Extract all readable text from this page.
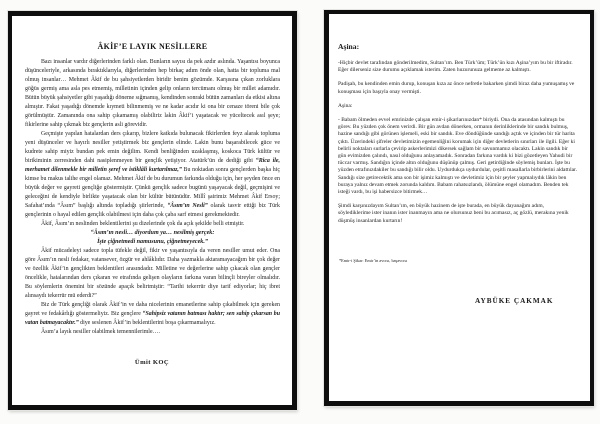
ÂKİF’E LAYIK NESİLLERE

Bazı insanlar vardır diğerlerinden farklı olan. Bunların sayısı da pek azdır aslında. Yaşantısı boyunca düşünceleriyle, arkasında bıraktıklarıyla, diğerlerinden hep birkaç adım önde olan, hatta bir topluma mal olmuş insanlar… Mehmet Âkif de bu şahsiyetlerden biridir benim gözümde. Karşısına çıkan zorluklara göğüs germiş ama asla pes etmemiş, milletinin içinden gelip onların tercümanı olmuş bir millet adamıdır. Bütün büyük şahsiyetler gibi yaşadığı döneme sığmamış, kendinden sonraki bütün zamanları da etkisi altına almıştır. Fakat yaşadığı dönemde kıymeti bilinmemiş ve ne kadar acıdır ki ona bir cenaze töreni bile çok görülmüştür. Zamanında ona sahip çıkamamış olabiliriz lakin Âkif’i yaşatacak ve yüceltecek asıl şeye; fikirlerine sahip çıkmak biz gençlerin asli görevidir.

Geçmişte yapılan hatalardan ders çıkarıp, bizlere katkıda bulunacak fikirlerden feyz alarak topluma yeni düşünceler ve hayırlı nesiller yetiştirmek biz gençlerin elinde. Lakin bunu başarabilecek güce ve kudrete sahip miyiz bundan pek emin değilim. Kendi benliğinden uzaklaşmış, koskoca Türk kültür ve birikiminin zerresinden dahi nasiplenmeyen bir gençlik yetişiyor. Atatürk’ün de dediği gibi “Rica ile, merhamet dilenmekle bir milletin şeref ve istiklâli kurtarılmaz,” Bu noktadan sonra gençlerden başka hiç kimse bu makus talihe engel olamaz. Mehmet Âkif de bu durumun farkında olduğu için, her şeyden önce en büyük değer ve gayreti gençliğe göstermiştir. Çünkü gençlik sadece bugünü yaşayacak değil, geçmişini ve geleceğini de kendiyle birlikte yaşatacak olan bir kültür bütünüdür. Millî şairimiz Mehmet Âkif Ersoy; Safahat’ında “Âsım” başlığı altında topladığı şiirlerinde, “Âsım’ın Nesli” olarak tasvir ettiği biz Türk gençlerinin o hayal edilen gençlik olabilmesi için daha çok çaba sarf etmesi gerekmektedir.

Âkif, Âsım’ın neslinden beklentilerini şu dizelerinde çok da açık şekilde belli etmiştir.

“Âsım’ın nesli… diyordum ya… nesilmiş gerçek:
İşte çiğnetmedi namusunu, çiğnetmeyecek.”

Âkif mücadeleyi sadece topla tüfekle değil, fikir ve yaşantısıyla da veren nesiller umut eder. Ona göre Âsım’ın nesli fedakar, vatansever, özgür ve ahlâklıdır. Daha yazmakla aktaramayacağım bir çok değer ve özellik Âkif’in gençlikten beklentileri arasındadır. Milletine ve değerlerine sahip çıkacak olan gençler öncelikle, hatalarından ders çıkaran ve etrafında gelişen olayların farkına varan bilinçli bireyler olmalıdır. Bu söylemlerin önemini bir sözünde apaçık belirtmiştir: “Tarihi tekerrür diye tarif ediyorlar; hiç ibret alınsaydı tekerrür mü ederdi?”

Biz de Türk gençliği olarak Âkif’in ve daha nicelerinin emanetlerine sahip çıkabilmek için gereken gayret ve fedakârlığı göstermeliyiz. Biz gençlere “Sahipsiz vatanın batması haktır; sen sahip çıkarsan bu vatan batmayacaktır.” diye seslenen Âkif’in beklentilerini boşa çıkarmamalıyız.

Âsım’a layık nesiller olabilmek temennilerimle….

Ümit KOÇ
Aşina:

-Hiçbir devlet tarafından gönderilmedim, Sultan’ım. Ben Türk’üm; Türk’ün kızı Aşina’yım bu bir iftiradır. Eğer dilerseniz size durumu açıklamak isterim. Zaten huzurunuza gelmeme az kalmıştı.

Padişah, bu kendinden emin durup, konuşan kıza az önce nefretle bakarken şimdi biraz daha yumuşamış ve konuşması için başıyla onay vermişti.

Aşina:

- Babam ölmeden evvel emrinizde çalışan emir-i şikarlarınızdan* biriydi. Ona da atasından kalmıştı bu görev. Bu yüzden çok önem verirdi. Bir gün avdan dönerken, ormanın derinliklerinde bir sandık bulmuş, hazine sandığı gibi görünen işlemeli, eski bir sandık. Eve döndüğünde sandığı açtık ve içinden bir tür harita çıktı. Üzerindeki şifreler devletimizin egemenliğini korumak için diğer devletlerin sınırları ile ilgili. Eğer ki belirli noktaları surlarla çevirip askerlerimizi dikersek sağlam bir savunmamız olacaktı. Lakin sandık bir gün evimizden çalındı, nasıl olduğunu anlayamadık. Sonradan farkına vardık ki bizi gözetleyen Yahudi bir tüccar varmış. Sandığın içinde altın olduğunu düşünüp çalmış. Geri getirdiğinde söylemiş bunları. İşte bu yüzden etrafınızdakiler bu sandığı bilir oldu. Uydurdukça uydurdular, çeşitli masallarla birbirlerini aldattılar. Sandığı size getirecektik ama son bir işimiz kalmıştı ve devletimiz için bir şeyler yapmalıydık lâkin ben buraya yalnız devam etmek zorunda kaldım. Babam rahatsızlandı, ölümüne engel olamadım. Benden tek isteği vardı, bu işi habersizce bitirmek…

Şimdi karşınızdayım Sultan’ım, en büyük hazinem de işte burada, en büyük dayanağım adım, söylediklerime ister inanın ister inanmayın ama ne olursunuz beni bu acımasız, aç gözlü, merakına yenik düşmüş insanlardan kurtarın!

*Emir-i Şikar: Emir’in avcısı, başavcısı
AYBÜKE ÇAKMAK
